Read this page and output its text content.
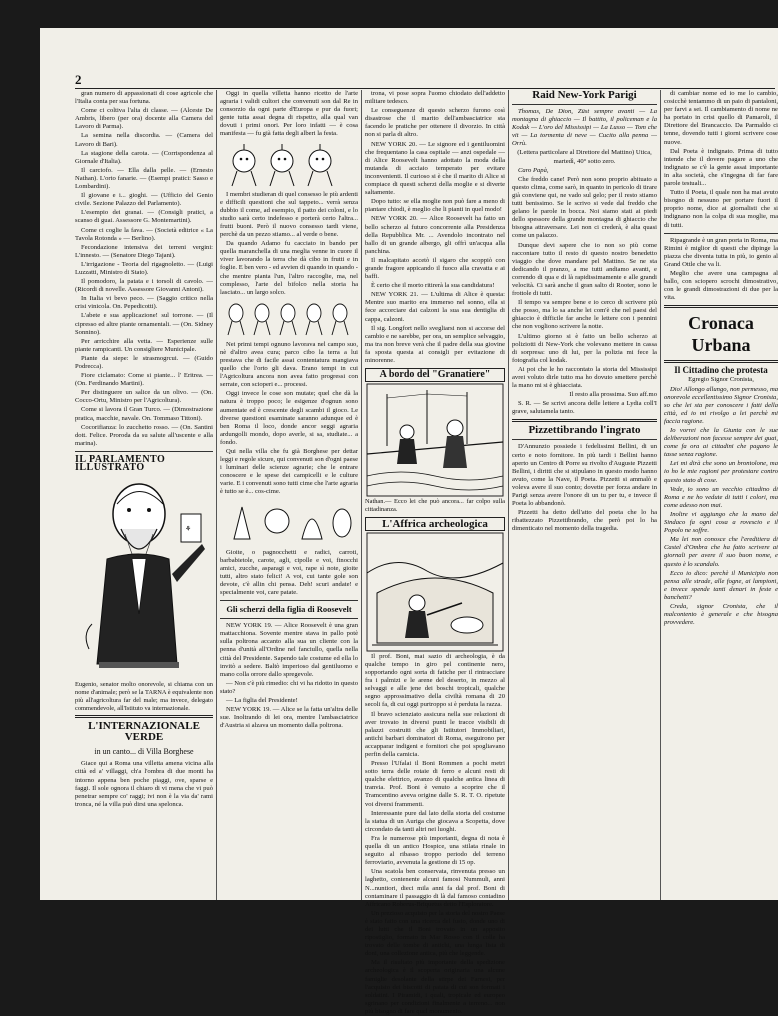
2

gran numero di appassionati di cose agricole che l'Italia conta per sua fortuna.

Come ci coltiva l'alta di classe. — (Alceste De Ambris, libero (per ora) docente alla Camera del Lavoro di Parma).

La semina nella discordia. — (Camera del Lavoro di Bari).

La stagione della carota. — (Corrispondenza al Giornale d'Italia).

Il carciofo. — Ella dalla pelle. — (Ernesto Nathan). L'orto fanarie. — (Esempi pratici: Sasso e Lombardini).

Il giovane e i... gioghi. — (Ufficio del Genio civile. Sezione Palazzo del Parlamento).

L'esempio dei granai. — (Consigli pratici, a scanso di guai. Assessore G. Montemartini).

Come ci coglie la fava. — (Società editrice « La Tavola Rotonda » — Berlino).

Fecondazione intensiva dei terreni vergini: L'innesto. — (Senatore Diego Tajani).

L'irrigazione - Teoria del rigagnoletto. — (Luigi Luzzatti, Ministro di Stato).

Il pomodoro, la patata e i torsoli di cavolo. — (Ricordi di novelle. Assessore Giovanni Antoni).

In Italia vi bevo peco. — (Saggio critico nella crisi vinicola. On. Pepedicotti).

L'abete e sua applicazione! sul torrone. — (Il cipresso ed altre piante ornamentali. — (On. Sidney Sonnino).

Per arricchire alla vetta. — Esperienze sulle piante rampicanti. Un consigliere Municipale.

Piante da siepe: le strasmogrcui. — (Guido Podrecca).

Fiore ciclamato: Come si piante... l' Eritrea. — (On. Ferdinando Martini).

Per distinguere un salice da un olivo. — (On. Cocco-Ortu, Ministro per l'Agricoltura).

Come si lavora il Gran Turco. — (Dimostrazione pratica, macchie, navale. On. Tommaso Tittoni).

Cocorifianza: lo zucchetto rosso. — (On. Santini dott. Felice. Proroda da su salute all'uscente e alla marina).

IL PARLAMENTO ILLUSTRATO
⚘
Eugenio, senator molto onorevole, si chiama con un nome d'animale; però se la TARNA è equivalente non più all'agricoltura far del male; ma invece, delegato commendevole, all'Istituto va internazionale.
L'INTERNAZIONALE VERDE
in un canto... di Villa Borghese

Giace qui a Roma una villetta amena vicina alla città ed a' villaggi, ch'a l'ombra di due monti ha intorno appena ben poche piaggi, ove, sparse e faggi. Il sole ognora il chiaro di vi mena che vi può penetrar sempre co' raggi; ivi non è la via da' rami tronca, né la villa può dirsi una spelonca.

Oggi in quella villetta hanno ricetto de l'arte agraria i validi cultori che convenuti son dal Re in consorzio da ogni parte d'Europa e pur da fuori; gente tutta assai degna di rispetto, alla qual van dovuti i primi onori. Per loro infatti — è cosa manifesta — fu già fatta degli alberi la festa.

I membri studieran di quel consesso le più ardenti e difficili questioni che sul tappeto... verrà senza dubbio il come, ad esempio, il patto dei coloni, e lo studio sarà certo indefesso e porterà certo l'altra... frutti buoni. Però il nuovo consesso tardi viene, perchè da un pezzo stiamo... al verde o bene.

Da quando Adamo fu cacciato in bando per quella maranchella di una meglia venne in cuore il viver lavorando la terra che dà cibo in frutti e in foglie. E ben vero - ed avvien di quando in quando - che mentre pianta l'un, l'altro raccoglie, ma, nel complesso, l'arte del bifolco nella storia ha lasciato... un largo solco.

Nei primi tempi ognuno lavorava nel campo suo, nè d'altro avea cura; parco cibo la terra a lui prestava che di facile assai contentatura mangiava quello che l'orto gli dava. Erano tempi in cui l'Agricoltura ancora non avea fatto progressi con serrate, con scioperi e... processi.

Oggi invece le cose son mutate; quel che dà la natura è troppo poco; le esigenze d'ognun sono aumentate ed è crescente degli scambi il gioco. Le diverse questioni esaminate saranno adunque ed è ben Roma il loco, donde ancor seggi agraria ardungolli mondo, dopo averle, si sa, studiate... a fondo.

Qui nella villa che fu già Borghese per dettar leggi e regole sicure, qui convenuti son d'ogni paese i luminari delle scienze agrarie; che le entrare conoscere e le spese dei campicelli e le culture varie. E i convenuti sono tutti cime che l'arte agraria è tutto se è... cos-cime.

Gioite, o pagnocchetti e radici, carroti, barbabietole, carote, agli, cipolle e voi, finocchi amici, zucche, asparagi e voi, rape sì note, gioite tutti, altro stato felici! A voi, cui tante gole son devote, c'è allin chi pensa. Deh! scuri andate! e specialmente voi, care patate.

Gli scherzi della figlia di Roosevelt

NEW YORK 19. — Alice Roosevelt è una gran mattacchiona. Sovente mentre stava in pallo potè sulla poltrona accanto alla sua un cliente con la penna d'unità all'Ordine nel fanciullo, quella nella città del Presidente. Sapendo tale costume ed ella lo invitò a sedere. Baltò imperioso dal gentiluomo e mano colla orrore dallo spregevole.

— Non c'è più rimedio: chi vi ha ridotto in questo stato?

— La figlia del Presidente!

NEW YORK 19. — Alice se la fatta un'altra delle sue. Inoltrando di lei ora, mentre l'ambasciatrice d'Austria si alzava un momento dalla poltrona.

trona, vi pose sopra l'uomo chiodato dell'addetto militare tedesco.

Le conseguenze di questo scherzo furono così disastrose che il marito dell'ambasciatrice sta facendo le pratiche per ottenere il divorzio. In città non si parla di altro.

NEW YORK 20. — Le signore ed i gentiluomini che frequentano la casa ospitale — anzi ospedale — di Alice Roosevelt hanno adottato la moda della mutanda di acciaio temperato per evitare inconvenienti. Il curioso si è che il marito di Alice si compiace di questi scherzi della moglie e si diverte saltamente.

Dopo tutto: se ella moglie non può fare a meno di piantare chiodi, è meglio che li pianti in quel modo!

NEW YORK 20. — Alice Roosevelt ha fatto un bello scherzo al futuro concorrente alla Presidenza della Repubblica Mr. ... Avendolo incontrato nel ballo di un grande albergo, gli offrì un'acqua alla panchina.

Il malcapitato accetò il sigaro che scoppiò con grande fragore appicando il fuoco alla cravatta e ai baffi.

È certo che il morto ritirerà la sua candidatura!

NEW YORK 21. — L'ultima di Alice è questa: Mentre suo marito era immerso nel sonno, ella si fece accorciare dai calzoni la sua sua dentiglia di cappa, calzoni.

Il sig. Longfort nello svegliarsi non si accorse del cambio e ne sarebbe, per ora, un semplice selvaggio, ma tra non breve verà che il padre della sua giovine fa sposta questa ai consigli per evitazione di minorenne.

A bordo del "Granatiere"
Nathan.— Ecco lei che può ancora... far colpo sulla cittadinanza.
L'Affrica archeologica

Il prof. Boni, mai sazio di archeologia, è da qualche tempo in giro pel continente nero, sopportando ogni sorta di fatiche per il rintracciare fra i palmizi e le arene del deserto, in mezzo al selvaggi e alle jene dei boschi tropicali, qualche segno approssimativo della civiltà romana di 20 secoli fa, di cui oggi purtroppo si è perduta la razza.

Il bravo scienziato assicura nella sue relazioni di aver trovato in diversi punti le tracce visibili di palazzi costruiti che gli Istitutori Immobiliari, antichi barbari dominatori di Roma, eseguirono per accapparar indigeni e fornitori che poi spogliavano perfin della camicia.

Presso l'Ufalai il Boni Rommen a pochi metri sotto terra delle rotaie di ferro e alcuni resti di qualche elettrico, avanzo di qualche antica linea di tranvia. Prof. Boni è venuto a scoprire che il Tramcentino aveva origine dalle S. R. T. O. ripetute voi diversi frammenti.

Interessante pure dal lato della storia del costume la statua di un Auriga che giocava a Scopetta, dove circondato da tanti altri nei luoghi.

Fra le numerose più importanti, degna di nota è quella di un antico Hospice, una stilata rinale in seguito al ribasso troppo periodo del terreno ferroviario, avvenuta la gestione di 15 op.

Una scatola ben conservata, rinvenuta presso un laghetto, contenente alcuni famosi Nummuli, anni N...nuntiori, dieci mila anni fa dal prof. Boni di contaminare il passaggio di là dal famoso contadino Affricano Roberus-Briquetus detto l'Esploratore.

Un prezioso acquisto per la storia del nostro Paese è stato fatto con una ricerca del fusto, donde uno di dei lutti che il Boni trovato in un apposito ripostiglio, formato in Mar Rosso con il colle ha trovato delle tombe di antichi, una lunga lista di doni, una collezione antica, più che leggende.

Ma il risultato più importante della spedizione archeologica è il scoperta originaria una alcune famiglie desolante della stirpe dei Farnesi, per l'acquisto dei biscotti di patata di cui son formati i soldatini. I Piramidi, i quali, tropicale ed europeo sgrinano per condizioni finalmente a terreno... non più bisogno di fare quel monumento.

Raid New-York Parigi

Thomas, De Dion, Züst sempre avanti — La montagna di ghiaccio — Il battito, il policeman e la Kodak — L'oro del Mississipi — La Lusso — Tom che vit — La tormenta di neve — Cucito alla penna — Orrù.

(Lettera particolare al Direttore del Mattino) Utica, martedì, 40° sotto zero.

Caro Papà,

Che freddo cane! Però non sono proprio abituato a questo clima, come sarò, in quanto in pericolo di tirare già conviene qui, ne vado sul gelo; per il resto stiamo tutti benissimo. Se le scrivo si vede dal freddo che gelano le parole in bocca. Noi siamo stati ai piedi dello spessore della grande montagna di ghiaccio che bisogna attraversare. Lei non ci crederà, è alta quasi come un palazzo.

Dunque devi sapere che io non so più come raccontare tutto il resto di questo nostro benedetto viaggio che dove mandare pel Mattino. Se ne sta dedicando il pranzo, a me tutti andiamo avanti, e correndo di qua e di là rapidissimamente e alle grandi velocità. Ci sarà anche il gran salto di Rooter, sono le frottole di tutti.

Il tempo va sempre bene e io cerco di scrivere più che posso, ma lo sa anche lei com'è che nel paesi del ghiaccio è difficile far anche le lettere con i pennini che non vogliono scrivere la notte.

L'ultimo giorno si è fatto un bello scherzo ai poliziotti di New-York che volevano mettere in cassa di sorpresa: uno di lui, per la polizia mi fece la fotografia col kodak.

Ai poi che le ho raccontato la storia del Mississipi avrei voluto dirle tutto ma ho dovuto smettere perchè la mano mi si è ghiacciata.

Il resto alla prossima. Suo aff.mo

S. R. — Se scrivi ancora delle lettere a Lydia coll'I grave, salutamela tanto.

Pizzettibrando l'ingrato

D'Annunzio possiede i fedelissimi Bellini, di un certo e noto fornitore. In più tardi i Bellini hanno aperto un Centro di Porre su rivolto d'Auguste Pizzetti Bellini, i diritti che si stipulano in questo modo hanno avuto, come la Nave, il Poeta. Pizzetti si ammalò e voleva avere il suo conto; dovette per forza andare in Parigi senza avere l'onore di un tu per tu, e invece il Poeta lo abbandonò.

Pizzetti ha detto dell'atto del poeta che lo ha ribattezzato Pizzettibrando, che però poi lo ha dimenticato nel momento della tragedia.

di cambiar nome ed io me lo cambio, cosicchè tentammo di un paio di pantaloni, per farvi a sei. Il cambiamento di nome ne ha portato in crisi quello di Pamaroli, il Direttore del Brancaccio. Da Parmaldo ci tenne, dovendo tutti i giorni scrivere cose nuove.

Dal Poeta è indignato. Prima di tutto intende che il dovere pagare a uno che indignato se c'è la gente assai importante in alta società, che s'ingegna di far fare parole testuali...

Tutto il Poeta, il quale non ha mai avuto bisogno di nessuno per portare fuori il proprio nome, dice ai giornalisti che si indignano non la colpa di sua moglie, ma di tutti.

Ripagrande è un gran porta in Roma, ma Rimini è miglior di questi che dipinge la piazza che diventa tutta in più, io genio al Grand Ottle che va li.

Meglio che avere una campagna al ballo, con sciopero scrochi dimostrativo, con le grandi dimostrazioni di due per la vita.

Cronaca Urbana
Il Cittadino che protesta

Egregio Signor Cronista,

Dio! Allongo allungo, non permesso, ma onorevole eccellentissimo Signor Cronista, so che lei sta per conoscere i fatti della città, ed io mi rivolgo a lei perchè mi faccia ragione.

Io vorrei che la Giunta con le sue deliberazioni non facesse sempre dei guai, come fa ora ai cittadini che pagano le tasse senza ragione.

Lei mi dirà che sono un brontolone, ma io ho le mie ragioni per protestare contro questo stato di cose.

Vede, io sono un vecchio cittadino di Roma e ne ho vedute di tutti i colori, ma come adesso non mai.

Inoltre vi aggiungo che la mano del Sindaco fa ogni cosa a rovescio e il Popolo ne soffre.

Ma lei non conosce che l'ereditiera di Castel d'Ombra che ha fatto scrivere ai giornali per avere il suo buon nome, e questo è lo scandalo.

Ecco io dico: perchè il Municipio non pensa alle strade, alle fogne, ai lampioni, e invece spende tanti denari in feste e banchetti?

Creda, signor Cronista, che il malcontento è generale e che bisogna provvedere.
